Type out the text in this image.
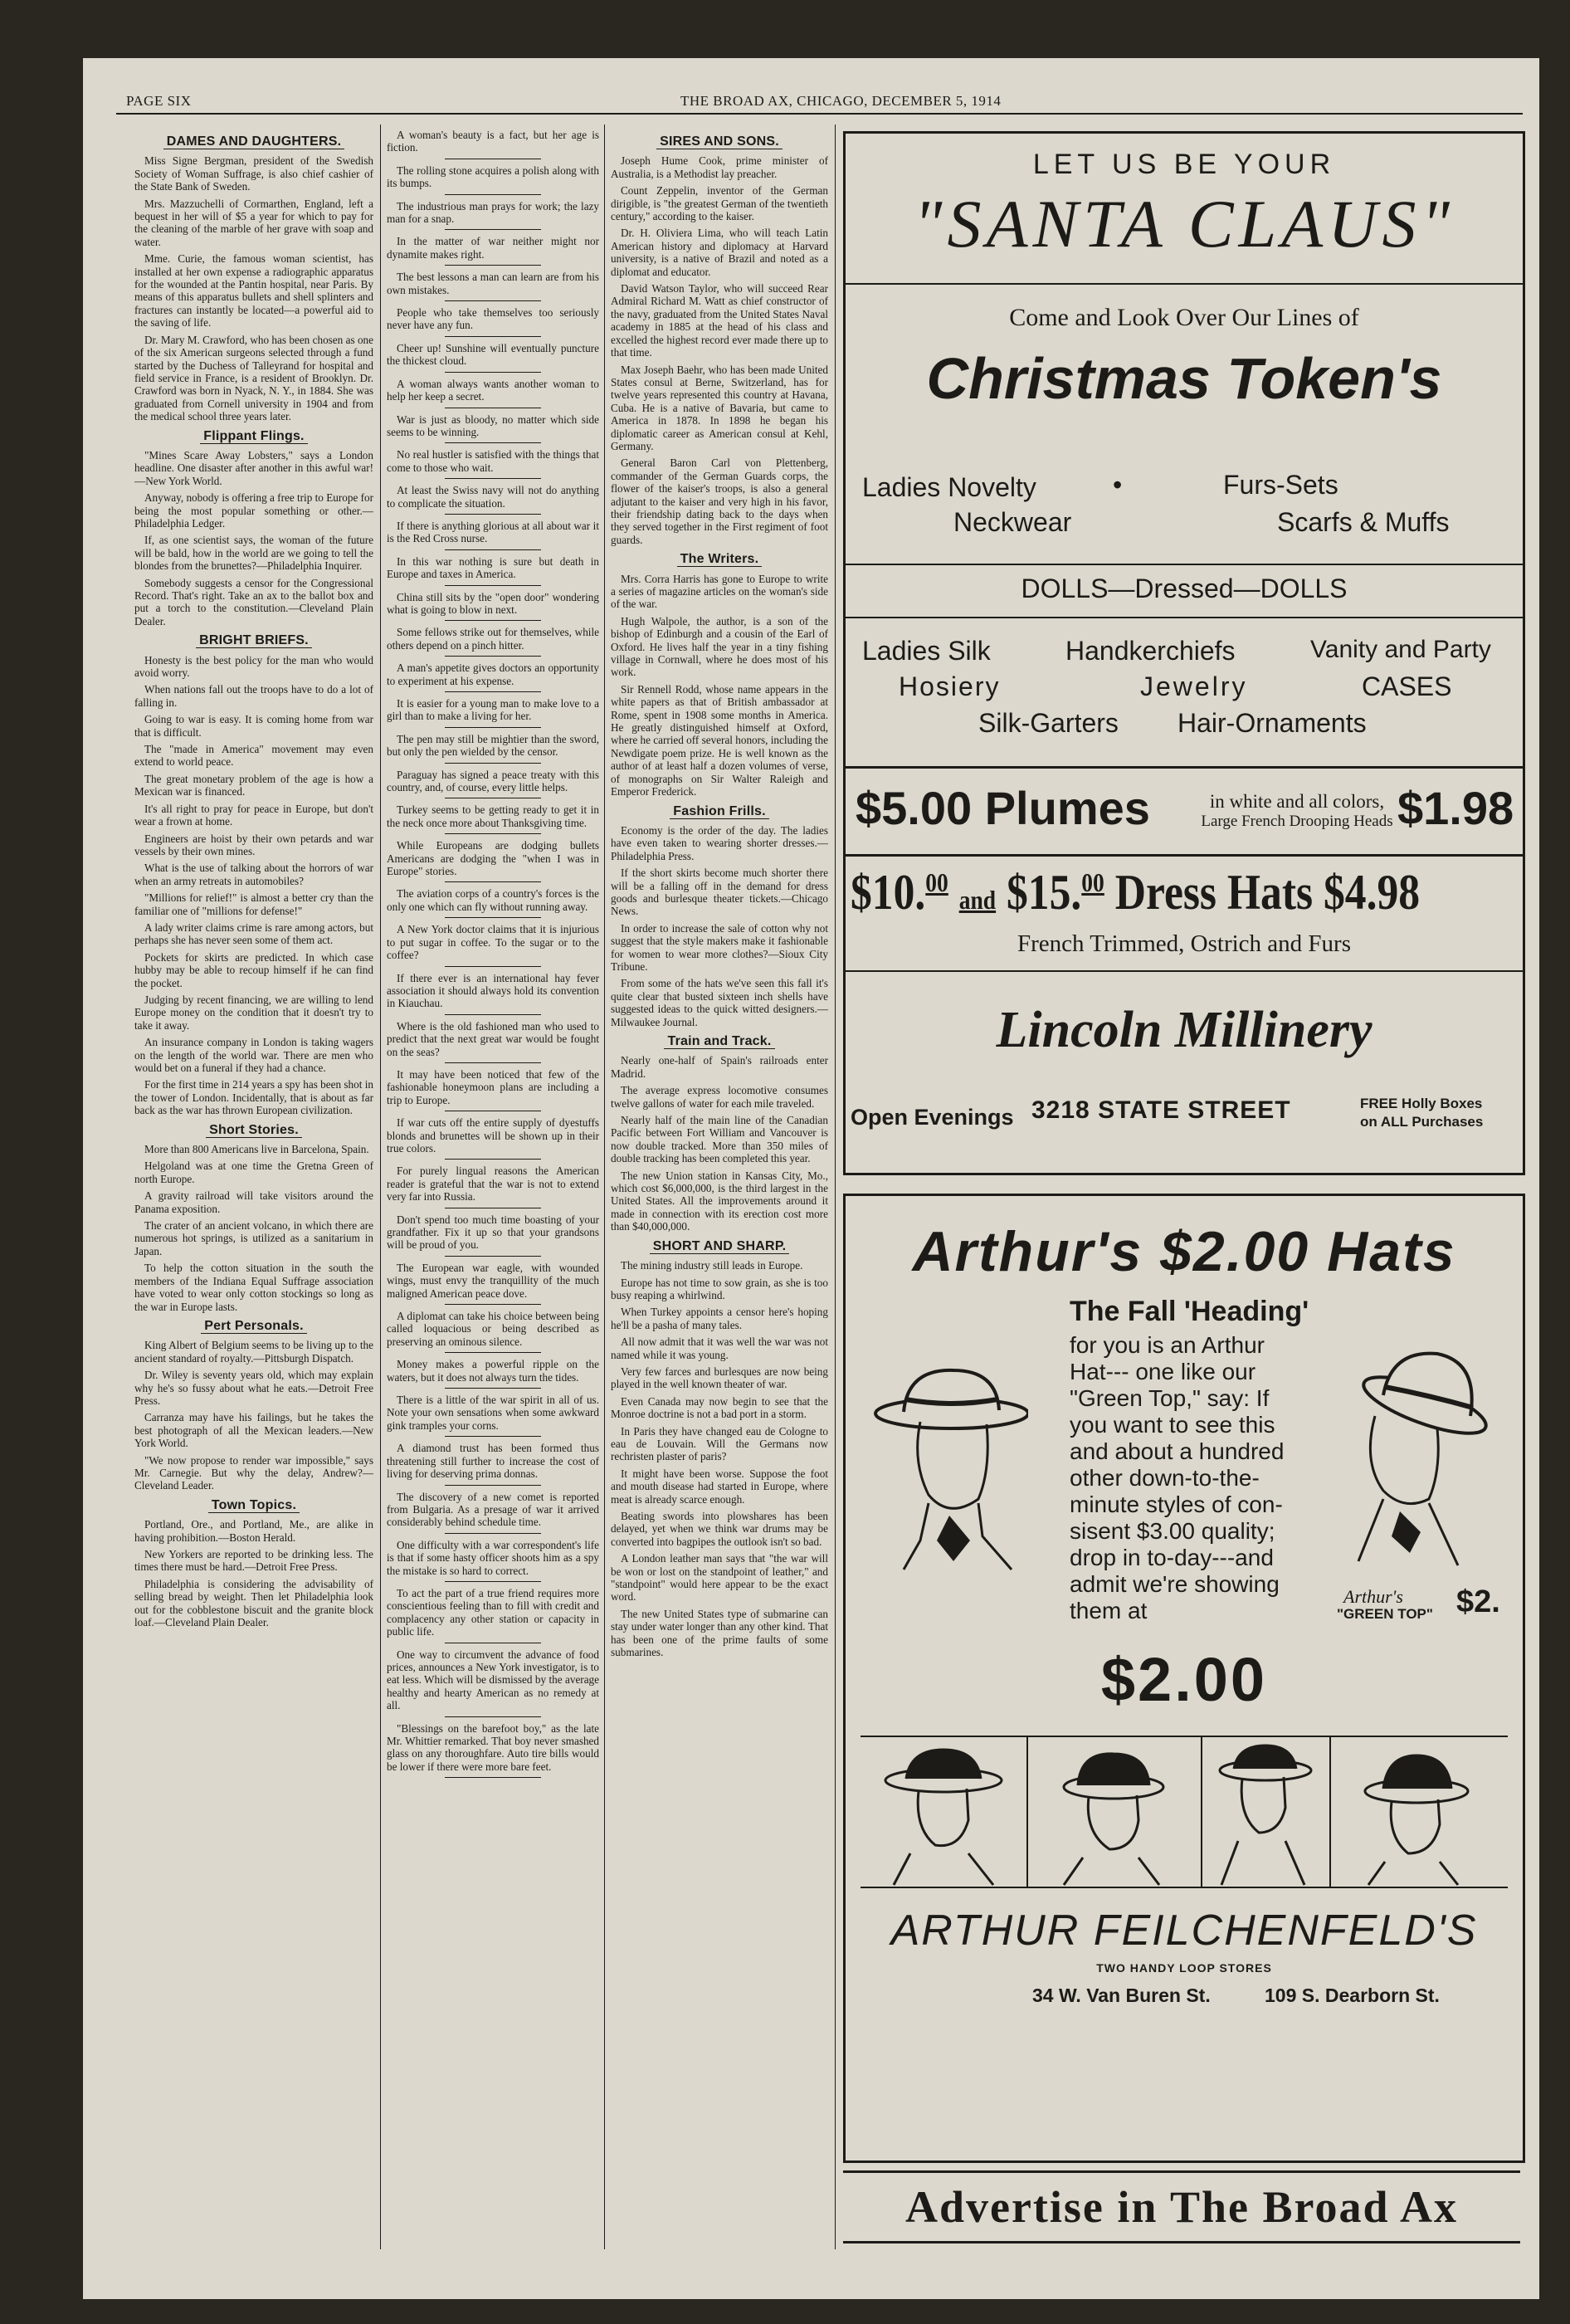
PAGE SIX	THE BROAD AX, CHICAGO, DECEMBER 5, 1914
DAMES AND DAUGHTERS.

Miss Signe Bergman, president of the Swedish Society of Woman Suffrage, is also chief cashier of the State Bank of Sweden.

Mrs. Mazzuchelli of Cormarthen, England, left a bequest in her will of $5 a year for which to pay for the cleaning of the marble of her grave with soap and water.

Mme. Curie, the famous woman scientist, has installed at her own expense a radiographic apparatus for the wounded at the Pantin hospital, near Paris. By means of this apparatus bullets and shell splinters and fractures can instantly be located—a powerful aid to the saving of life.

Dr. Mary M. Crawford, who has been chosen as one of the six American surgeons selected through a fund started by the Duchess of Talleyrand for hospital and field service in France, is a resident of Brooklyn. Dr. Crawford was born in Nyack, N. Y., in 1884. She was graduated from Cornell university in 1904 and from the medical school three years later.

Flippant Flings.

"Mines Scare Away Lobsters," says a London headline. One disaster after another in this awful war!—New York World.

Anyway, nobody is offering a free trip to Europe for being the most popular something or other.—Philadelphia Ledger.

If, as one scientist says, the woman of the future will be bald, how in the world are we going to tell the blondes from the brunettes?—Philadelphia Inquirer.

Somebody suggests a censor for the Congressional Record. That's right. Take an ax to the ballot box and put a torch to the constitution.—Cleveland Plain Dealer.

BRIGHT BRIEFS.

Honesty is the best policy for the man who would avoid worry.

When nations fall out the troops have to do a lot of falling in.

Going to war is easy. It is coming home from war that is difficult.

The "made in America" movement may even extend to world peace.

The great monetary problem of the age is how a Mexican war is financed.

It's all right to pray for peace in Europe, but don't wear a frown at home.

Engineers are hoist by their own petards and war vessels by their own mines.

What is the use of talking about the horrors of war when an army retreats in automobiles?

"Millions for relief!" is almost a better cry than the familiar one of "millions for defense!"

A lady writer claims crime is rare among actors, but perhaps she has never seen some of them act.

Pockets for skirts are predicted. In which case hubby may be able to recoup himself if he can find the pocket.

Judging by recent financing, we are willing to lend Europe money on the condition that it doesn't try to take it away.

An insurance company in London is taking wagers on the length of the world war. There are men who would bet on a funeral if they had a chance.

For the first time in 214 years a spy has been shot in the tower of London. Incidentally, that is about as far back as the war has thrown European civilization.

Short Stories.

More than 800 Americans live in Barcelona, Spain.

Helgoland was at one time the Gretna Green of north Europe.

A gravity railroad will take visitors around the Panama exposition.

The crater of an ancient volcano, in which there are numerous hot springs, is utilized as a sanitarium in Japan.

To help the cotton situation in the south the members of the Indiana Equal Suffrage association have voted to wear only cotton stockings so long as the war in Europe lasts.

Pert Personals.

King Albert of Belgium seems to be living up to the ancient standard of royalty.—Pittsburgh Dispatch.

Dr. Wiley is seventy years old, which may explain why he's so fussy about what he eats.—Detroit Free Press.

Carranza may have his failings, but he takes the best photograph of all the Mexican leaders.—New York World.

"We now propose to render war impossible," says Mr. Carnegie. But why the delay, Andrew?—Cleveland Leader.

Town Topics.

Portland, Ore., and Portland, Me., are alike in having prohibition.—Boston Herald.

New Yorkers are reported to be drinking less. The times there must be hard.—Detroit Free Press.

Philadelphia is considering the advisability of selling bread by weight. Then let Philadelphia look out for the cobblestone biscuit and the granite block loaf.—Cleveland Plain Dealer.

A woman's beauty is a fact, but her age is fiction.

The rolling stone acquires a polish along with its bumps.

The industrious man prays for work; the lazy man for a snap.

In the matter of war neither might nor dynamite makes right.

The best lessons a man can learn are from his own mistakes.

People who take themselves too seriously never have any fun.

Cheer up! Sunshine will eventually puncture the thickest cloud.

A woman always wants another woman to help her keep a secret.

War is just as bloody, no matter which side seems to be winning.

No real hustler is satisfied with the things that come to those who wait.

At least the Swiss navy will not do anything to complicate the situation.

If there is anything glorious at all about war it is the Red Cross nurse.

In this war nothing is sure but death in Europe and taxes in America.

China still sits by the "open door" wondering what is going to blow in next.

Some fellows strike out for themselves, while others depend on a pinch hitter.

A man's appetite gives doctors an opportunity to experiment at his expense.

It is easier for a young man to make love to a girl than to make a living for her.

The pen may still be mightier than the sword, but only the pen wielded by the censor.

Paraguay has signed a peace treaty with this country, and, of course, every little helps.

Turkey seems to be getting ready to get it in the neck once more about Thanksgiving time.

While Europeans are dodging bullets Americans are dodging the "when I was in Europe" stories.

The aviation corps of a country's forces is the only one which can fly without running away.

A New York doctor claims that it is injurious to put sugar in coffee. To the sugar or to the coffee?

If there ever is an international hay fever association it should always hold its convention in Kiauchau.

Where is the old fashioned man who used to predict that the next great war would be fought on the seas?

It may have been noticed that few of the fashionable honeymoon plans are including a trip to Europe.

If war cuts off the entire supply of dyestuffs blonds and brunettes will be shown up in their true colors.

For purely lingual reasons the American reader is grateful that the war is not to extend very far into Russia.

Don't spend too much time boasting of your grandfather. Fix it up so that your grandsons will be proud of you.

The European war eagle, with wounded wings, must envy the tranquillity of the much maligned American peace dove.

A diplomat can take his choice between being called loquacious or being described as preserving an ominous silence.

Money makes a powerful ripple on the waters, but it does not always turn the tides.

There is a little of the war spirit in all of us. Note your own sensations when some awkward gink tramples your corns.

A diamond trust has been formed thus threatening still further to increase the cost of living for deserving prima donnas.

The discovery of a new comet is reported from Bulgaria. As a presage of war it arrived considerably behind schedule time.

One difficulty with a war correspondent's life is that if some hasty officer shoots him as a spy the mistake is so hard to correct.

To act the part of a true friend requires more conscientious feeling than to fill with credit and complacency any other station or capacity in public life.

One way to circumvent the advance of food prices, announces a New York investigator, is to eat less. Which will be dismissed by the average healthy and hearty American as no remedy at all.

"Blessings on the barefoot boy," as the late Mr. Whittier remarked. That boy never smashed glass on any thoroughfare. Auto tire bills would be lower if there were more bare feet.

SIRES AND SONS.

Joseph Hume Cook, prime minister of Australia, is a Methodist lay preacher.

Count Zeppelin, inventor of the German dirigible, is "the greatest German of the twentieth century," according to the kaiser.

Dr. H. Oliviera Lima, who will teach Latin American history and diplomacy at Harvard university, is a native of Brazil and noted as a diplomat and educator.

David Watson Taylor, who will succeed Rear Admiral Richard M. Watt as chief constructor of the navy, graduated from the United States Naval academy in 1885 at the head of his class and excelled the highest record ever made there up to that time.

Max Joseph Baehr, who has been made United States consul at Berne, Switzerland, has for twelve years represented this country at Havana, Cuba. He is a native of Bavaria, but came to America in 1878. In 1898 he began his diplomatic career as American consul at Kehl, Germany.

General Baron Carl von Plettenberg, commander of the German Guards corps, the flower of the kaiser's troops, is also a general adjutant to the kaiser and very high in his favor, their friendship dating back to the days when they served together in the First regiment of foot guards.

The Writers.

Mrs. Corra Harris has gone to Europe to write a series of magazine articles on the woman's side of the war.

Hugh Walpole, the author, is a son of the bishop of Edinburgh and a cousin of the Earl of Oxford. He lives half the year in a tiny fishing village in Cornwall, where he does most of his work.

Sir Rennell Rodd, whose name appears in the white papers as that of British ambassador at Rome, spent in 1908 some months in America. He greatly distinguished himself at Oxford, where he carried off several honors, including the Newdigate poem prize. He is well known as the author of at least half a dozen volumes of verse, of monographs on Sir Walter Raleigh and Emperor Frederick.

Fashion Frills.

Economy is the order of the day. The ladies have even taken to wearing shorter dresses.—Philadelphia Press.

If the short skirts become much shorter there will be a falling off in the demand for dress goods and burlesque theater tickets.—Chicago News.

In order to increase the sale of cotton why not suggest that the style makers make it fashionable for women to wear more clothes?—Sioux City Tribune.

From some of the hats we've seen this fall it's quite clear that busted sixteen inch shells have suggested ideas to the quick witted designers.—Milwaukee Journal.

Train and Track.

Nearly one-half of Spain's railroads enter Madrid.

The average express locomotive consumes twelve gallons of water for each mile traveled.

Nearly half of the main line of the Canadian Pacific between Fort William and Vancouver is now double tracked. More than 350 miles of double tracking has been completed this year.

The new Union station in Kansas City, Mo., which cost $6,000,000, is the third largest in the United States. All the improvements around it made in connection with its erection cost more than $40,000,000.

SHORT AND SHARP.

The mining industry still leads in Europe.

Europe has not time to sow grain, as she is too busy reaping a whirlwind.

When Turkey appoints a censor here's hoping he'll be a pasha of many tales.

All now admit that it was well the war was not named while it was young.

Very few farces and burlesques are now being played in the well known theater of war.

Even Canada may now begin to see that the Monroe doctrine is not a bad port in a storm.

In Paris they have changed eau de Cologne to eau de Louvain. Will the Germans now rechristen plaster of paris?

It might have been worse. Suppose the foot and mouth disease had started in Europe, where meat is already scarce enough.

Beating swords into plowshares has been delayed, yet when we think war drums may be converted into bagpipes the outlook isn't so bad.

A London leather man says that "the war will be won or lost on the standpoint of leather," and "standpoint" would here appear to be the exact word.

The new United States type of submarine can stay under water longer than any other kind. That has been one of the prime faults of some submarines.

LET US BE YOUR
"SANTA CLAUS"
Come and Look Over Our Lines of
Christmas Token's
Ladies Novelty
Neckwear
•	Furs-Sets
Scarfs & Muffs
DOLLS—Dressed—DOLLS
Ladies Silk	Handkerchiefs	Vanity and Party
Hosiery	Jewelry	CASES
Silk-Garters Hair-Ornaments
$5.00 Plumes	in white and all colors,
Large French Drooping Heads $1.98
$10.00 and $15.00 Dress Hats $4.98
French Trimmed, Ostrich and Furs
Lincoln Millinery
Open Evenings 3218 STATE STREET	FREE Holly Boxes
on ALL Purchases
Arthur's $2.00 Hats
The Fall 'Heading'
for you is an Arthur
Hat--- one like our
"Green Top," say: If
you want to see this
and about a hundred
other down-to-the-
minute styles of con-
sisent $3.00 quality;
drop in to-day---and
admit we're showing
them at
Arthur's
"GREEN TOP" $2.
$2.00
ARTHUR FEILCHENFELD'S
TWO HANDY LOOP STORES
34 W. Van Buren St.	109 S. Dearborn St.
Advertise in The Broad Ax
